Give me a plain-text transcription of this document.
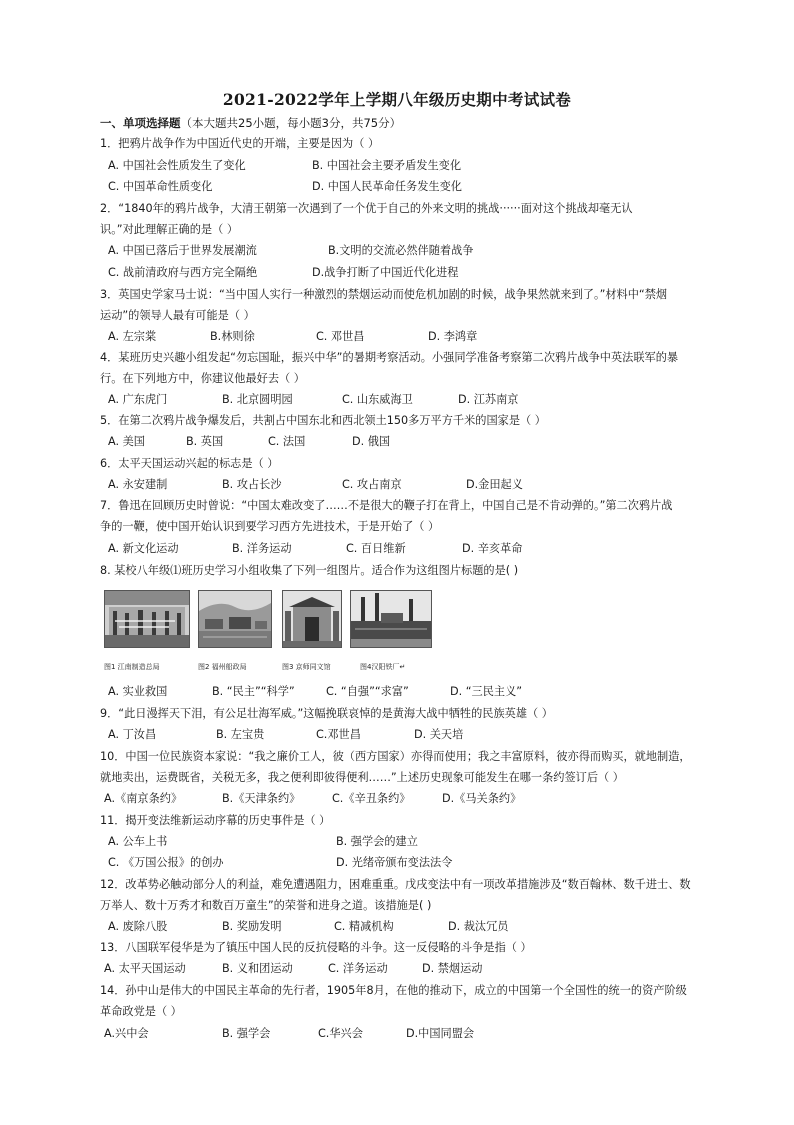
2021-2022学年上学期八年级历史期中考试试卷
一、单项选择题（本大题共25小题，每小题3分，共75分）
1．把鸦片战争作为中国近代史的开端，主要是因为（ ）
A. 中国社会性质发生了变化	B. 中国社会主要矛盾发生变化
C. 中国革命性质变化	D. 中国人民革命任务发生变化
2．“1840年的鸦片战争，大清王朝第一次遇到了一个优于自己的外来文明的挑战······面对这个挑战却毫无认
识。”对此理解正确的是（ ）
A. 中国已落后于世界发展潮流	B.文明的交流必然伴随着战争
C. 战前清政府与西方完全隔绝	D.战争打断了中国近代化进程
3．英国史学家马士说：“当中国人实行一种激烈的禁烟运动而使危机加剧的时候，战争果然就来到了。”材料中“禁烟
运动”的领导人最有可能是（ ）
A. 左宗棠	B.林则徐	C. 邓世昌	D. 李鸿章
4．某班历史兴趣小组发起“勿忘国耻，振兴中华”的暑期考察活动。小强同学准备考察第二次鸦片战争中英法联军的暴
行。在下列地方中，你建议他最好去（ ）
A. 广东虎门	B. 北京圆明园	C. 山东威海卫	D. 江苏南京
5．在第二次鸦片战争爆发后，共割占中国东北和西北领土150多万平方千米的国家是（ ）
A. 美国	B. 英国	C. 法国	D. 俄国
6．太平天国运动兴起的标志是（ ）
A. 永安建制	B. 攻占长沙	C. 攻占南京	D.金田起义
7．鲁迅在回顾历史时曾说：“中国太难改变了……不是很大的鞭子打在背上，中国自己是不肯动弹的。”第二次鸦片战
争的一鞭，使中国开始认识到要学习西方先进技术，于是开始了（ ）
A. 新文化运动	B. 洋务运动	C. 百日维新	D. 辛亥革命
8. 某校八年级⑴班历史学习小组收集了下列一组图片。适合作为这组图片标题的是( )
图1 江南制造总局	图2 福州船政局	图3 京师同文馆	图4汉阳铁厂↵
A. 实业救国	B. “民主”“科学”	C. “自强”“求富”	D. “三民主义”
9．“此日漫挥天下泪，有公足壮海军威。”这幅挽联哀悼的是黄海大战中牺牲的民族英雄（ ）
A. 丁汝昌	B. 左宝贵	C.邓世昌	D. 关天培
10．中国一位民族资本家说：“我之廉价工人，彼（西方国家）亦得而使用；我之丰富原料，彼亦得而购买，就地制造，
就地卖出，运费既省，关税无多，我之便利即彼得便利……”上述历史现象可能发生在哪一条约签订后（ ）
A.《南京条约》	B.《天津条约》	C.《辛丑条约》	D.《马关条约》
11．揭开变法维新运动序幕的历史事件是（ ）
A. 公车上书	B. 强学会的建立
C. 《万国公报》的创办	D. 光绪帝颁布变法法令
12．改革势必触动部分人的利益，难免遭遇阻力，困难重重。戊戌变法中有一项改革措施涉及“数百翰林、数千进士、数
万举人、数十万秀才和数百万童生”的荣誉和进身之道。该措施是( )
A. 废除八股	B. 奖励发明	C. 精减机构	D. 裁汰冗员
13．八国联军侵华是为了镇压中国人民的反抗侵略的斗争。这一反侵略的斗争是指（ ）
A. 太平天国运动	B. 义和团运动	C. 洋务运动	D. 禁烟运动
14．孙中山是伟大的中国民主革命的先行者，1905年8月，在他的推动下，成立的中国第一个全国性的统一的资产阶级
革命政党是（ ）
A.兴中会	B. 强学会	C.华兴会	D.中国同盟会
